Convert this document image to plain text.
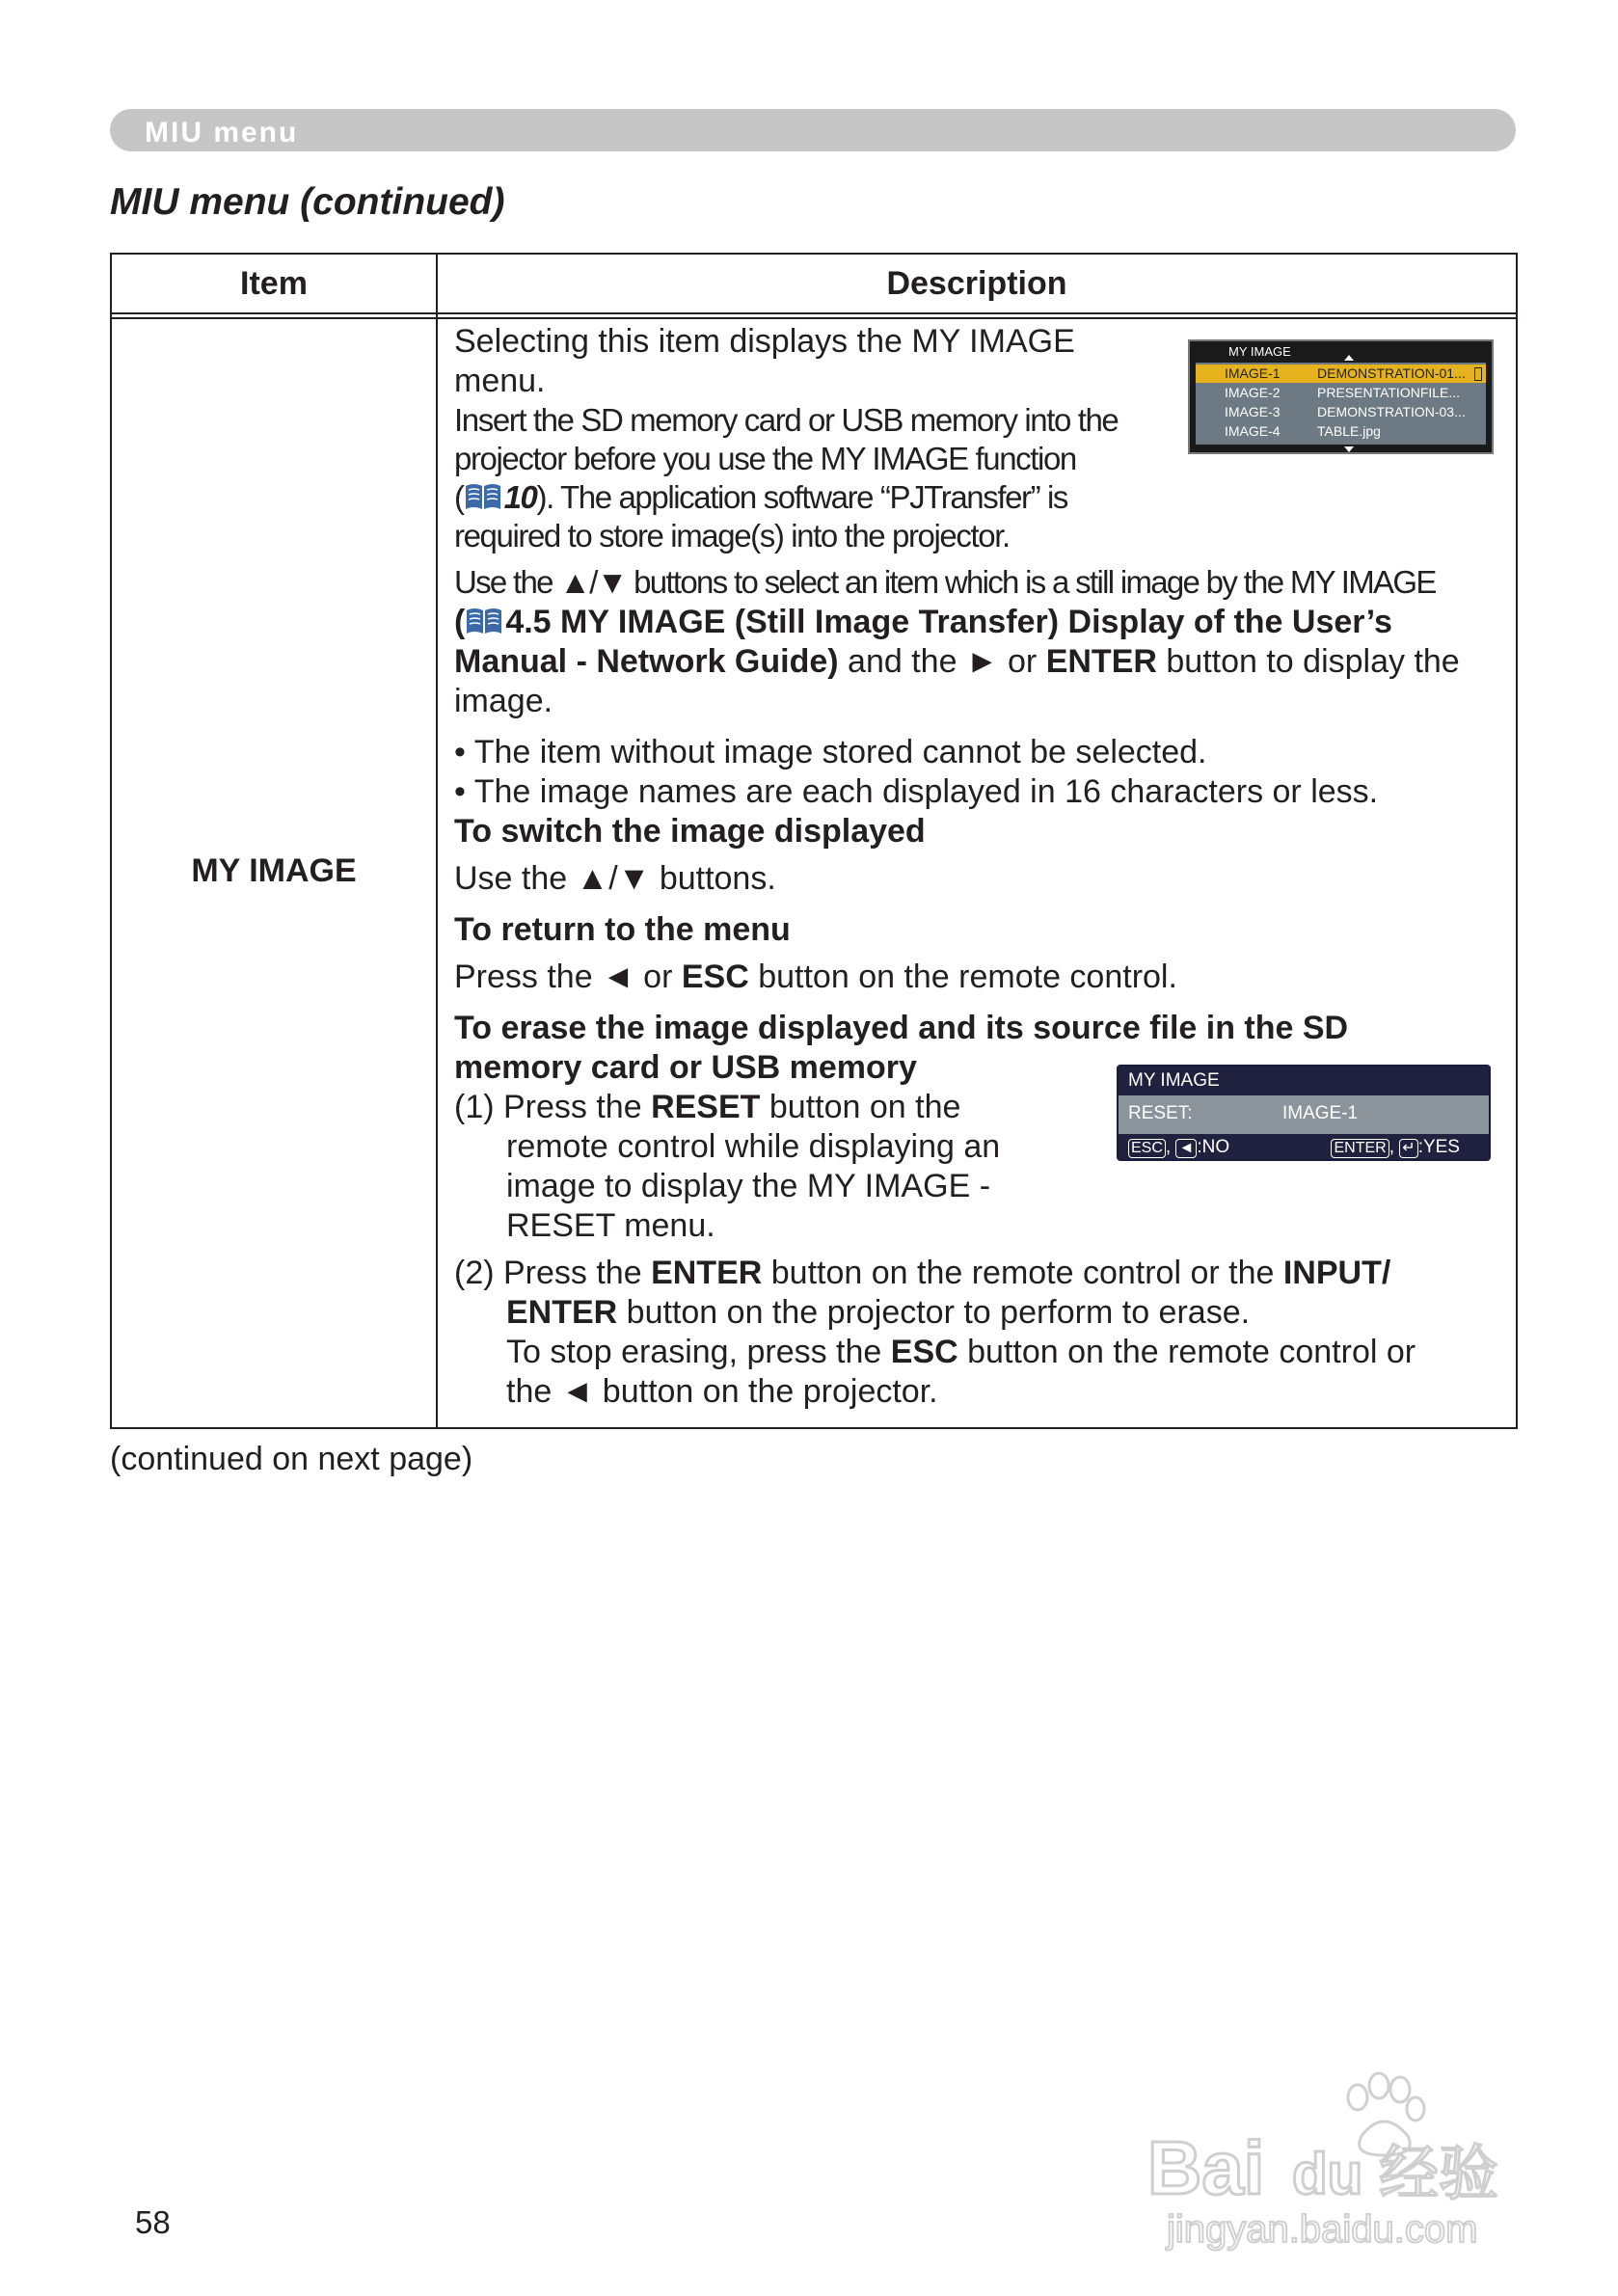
MIU menu
MIU menu (continued)
Item	Description
MY IMAGE

Selecting this item displays the MY IMAGE
menu.

Insert the SD memory card or USB memory into the
projector before you use the MY IMAGE function
( 10). The application software “PJTransfer” is
required to store image(s) into the projector.

Use the ▲/▼ buttons to select an item which is a still image by the MY IMAGE
( 4.5 MY IMAGE (Still Image Transfer) Display of the User’s
Manual - Network Guide) and the ► or ENTER button to display the
image.

• The item without image stored cannot be selected.
• The image names are each displayed in 16 characters or less.

To switch the image displayed

Use the ▲/▼ buttons.

To return to the menu

Press the ◄ or ESC button on the remote control.

To erase the image displayed and its source file in the SD
memory card or USB memory

(1) Press the RESET button on the
remote control while displaying an
image to display the MY IMAGE -
RESET menu.

(2) Press the ENTER button on the remote control or the INPUT/
ENTER button on the projector to perform to erase.
To stop erasing, press the ESC button on the remote control or
the ◄ button on the projector.

MY IMAGE
IMAGE-1	DEMONSTRATION-01...
IMAGE-2	PRESENTATIONFILE...
IMAGE-3	DEMONSTRATION-03...
IMAGE-4	TABLE.jpg
MY IMAGE
RESET:	IMAGE-1
ESC , ◄ :NO	ENTER , ↵ :YES

(continued on next page)

58

Bai du 经验
jingyan.baidu.com
